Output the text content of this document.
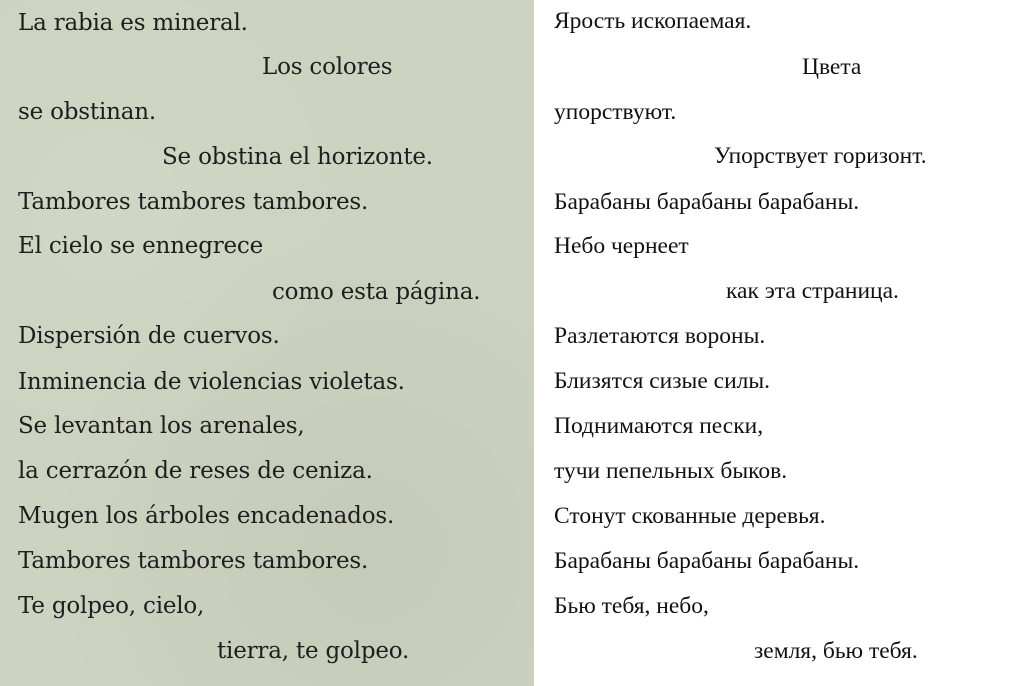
La rabia es mineral.

Los colores

se obstinan.

Se obstina el horizonte.

Tambores tambores tambores.

El cielo se ennegrece

como esta página.

Dispersión de cuervos.

Inminencia de violencias violetas.

Se levantan los arenales,

la cerrazón de reses de ceniza.

Mugen los árboles encadenados.

Tambores tambores tambores.

Te golpeo, cielo,

tierra, te golpeo.

Ярость ископаемая.

Цвета

упорствуют.

Упорствует горизонт.

Барабаны барабаны барабаны.

Небо чернеет

как эта страница.

Разлетаются вороны.

Близятся сизые силы.

Поднимаются пески,

тучи пепельных быков.

Стонут скованные деревья.

Барабаны барабаны барабаны.

Бью тебя, небо,

земля, бью тебя.
